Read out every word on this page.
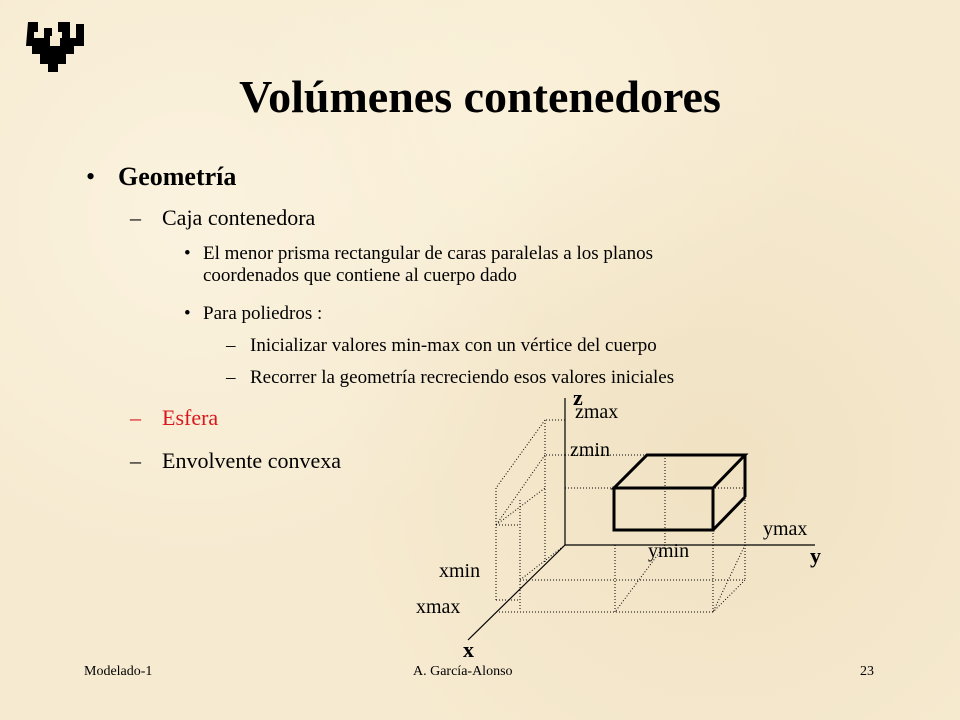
Volúmenes contenedores
• Geometría
– Caja contenedora
• El menor prisma rectangular de caras paralelas a los planos
coordenados que contiene al cuerpo dado
• Para poliedros :
– Inicializar valores min-max con un vértice del cuerpo
– Recorrer la geometría recreciendo esos valores iniciales
– Esfera
– Envolvente convexa
z
zmax
zmin
ymax
ymin	y
xmin
xmax
x
Modelado-1	A. García-Alonso	23
